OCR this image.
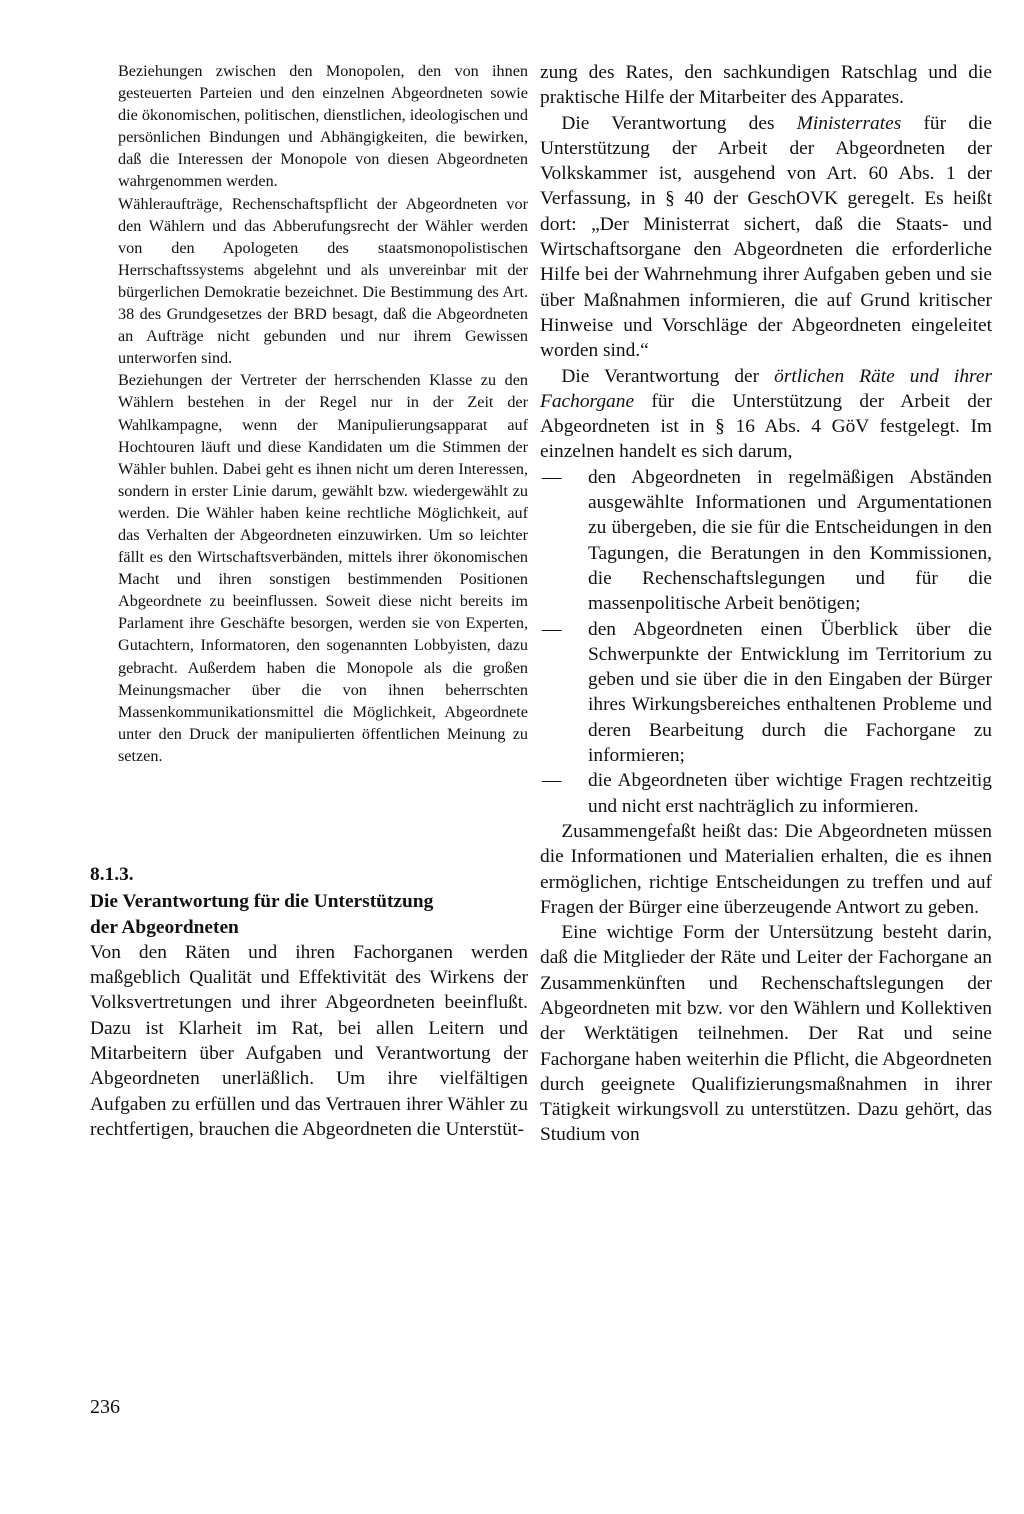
Beziehungen zwischen den Monopolen, den von ihnen gesteuerten Parteien und den einzelnen Abgeordneten sowie die ökonomischen, politischen, dienstlichen, ideologischen und persönlichen Bindungen und Abhängigkeiten, die bewirken, daß die Interessen der Monopole von diesen Abgeordneten wahrgenommen werden.

Wähleraufträge, Rechenschaftspflicht der Abgeordneten vor den Wählern und das Abberufungsrecht der Wähler werden von den Apologeten des staatsmonopolistischen Herrschaftssystems abgelehnt und als unvereinbar mit der bürgerlichen Demokratie bezeichnet. Die Bestimmung des Art. 38 des Grundgesetzes der BRD besagt, daß die Abgeordneten an Aufträge nicht gebunden und nur ihrem Gewissen unterworfen sind.

Beziehungen der Vertreter der herrschenden Klasse zu den Wählern bestehen in der Regel nur in der Zeit der Wahlkampagne, wenn der Manipulierungsapparat auf Hochtouren läuft und diese Kandidaten um die Stimmen der Wähler buhlen. Dabei geht es ihnen nicht um deren Interessen, sondern in erster Linie darum, gewählt bzw. wiedergewählt zu werden. Die Wähler haben keine rechtliche Möglichkeit, auf das Verhalten der Abgeordneten einzuwirken. Um so leichter fällt es den Wirtschaftsverbänden, mittels ihrer ökonomischen Macht und ihren sonstigen bestimmenden Positionen Abgeordnete zu beeinflussen. Soweit diese nicht bereits im Parlament ihre Geschäfte besorgen, werden sie von Experten, Gutachtern, Informatoren, den sogenannten Lobbyisten, dazu gebracht. Außerdem haben die Monopole als die großen Meinungsmacher über die von ihnen beherrschten Massenkommunikationsmittel die Möglichkeit, Abgeordnete unter den Druck der manipulierten öffentlichen Meinung zu setzen.

8.1.3.

Die Verantwortung für die Unterstützung

der Abgeordneten

Von den Räten und ihren Fachorganen werden maßgeblich Qualität und Effektivität des Wirkens der Volksvertretungen und ihrer Abgeordneten beeinflußt. Dazu ist Klarheit im Rat, bei allen Leitern und Mitarbeitern über Aufgaben und Verantwortung der Abgeordneten unerläßlich. Um ihre vielfältigen Aufgaben zu erfüllen und das Vertrauen ihrer Wähler zu rechtfertigen, brauchen die Abgeordneten die Unterstüt-

zung des Rates, den sachkundigen Ratschlag und die praktische Hilfe der Mitarbeiter des Apparates.

Die Verantwortung des Ministerrates für die Unterstützung der Arbeit der Abgeordneten der Volkskammer ist, ausgehend von Art. 60 Abs. 1 der Verfassung, in § 40 der GeschOVK geregelt. Es heißt dort: „Der Ministerrat sichert, daß die Staats- und Wirtschaftsorgane den Abgeordneten die erforderliche Hilfe bei der Wahrnehmung ihrer Aufgaben geben und sie über Maßnahmen informieren, die auf Grund kritischer Hinweise und Vorschläge der Abgeordneten eingeleitet worden sind.“

Die Verantwortung der örtlichen Räte und ihrer Fachorgane für die Unterstützung der Arbeit der Abgeordneten ist in § 16 Abs. 4 GöV festgelegt. Im einzelnen handelt es sich darum,

— den Abgeordneten in regelmäßigen Abständen ausgewählte Informationen und Argumentationen zu übergeben, die sie für die Entscheidungen in den Tagungen, die Beratungen in den Kommissionen, die Rechenschaftslegungen und für die massenpolitische Arbeit benötigen;
— den Abgeordneten einen Überblick über die Schwerpunkte der Entwicklung im Territorium zu geben und sie über die in den Eingaben der Bürger ihres Wirkungsbereiches enthaltenen Probleme und deren Bearbeitung durch die Fachorgane zu informieren;
— die Abgeordneten über wichtige Fragen rechtzeitig und nicht erst nachträglich zu informieren.

Zusammengefaßt heißt das: Die Abgeordneten müssen die Informationen und Materialien erhalten, die es ihnen ermöglichen, richtige Entscheidungen zu treffen und auf Fragen der Bürger eine überzeugende Antwort zu geben.

Eine wichtige Form der Untersützung besteht darin, daß die Mitglieder der Räte und Leiter der Fachorgane an Zusammenkünften und Rechenschaftslegungen der Abgeordneten mit bzw. vor den Wählern und Kollektiven der Werktätigen teilnehmen. Der Rat und seine Fachorgane haben weiterhin die Pflicht, die Abgeordneten durch geeignete Qualifizierungsmaßnahmen in ihrer Tätigkeit wirkungsvoll zu unterstützen. Dazu gehört, das Studium von

236
